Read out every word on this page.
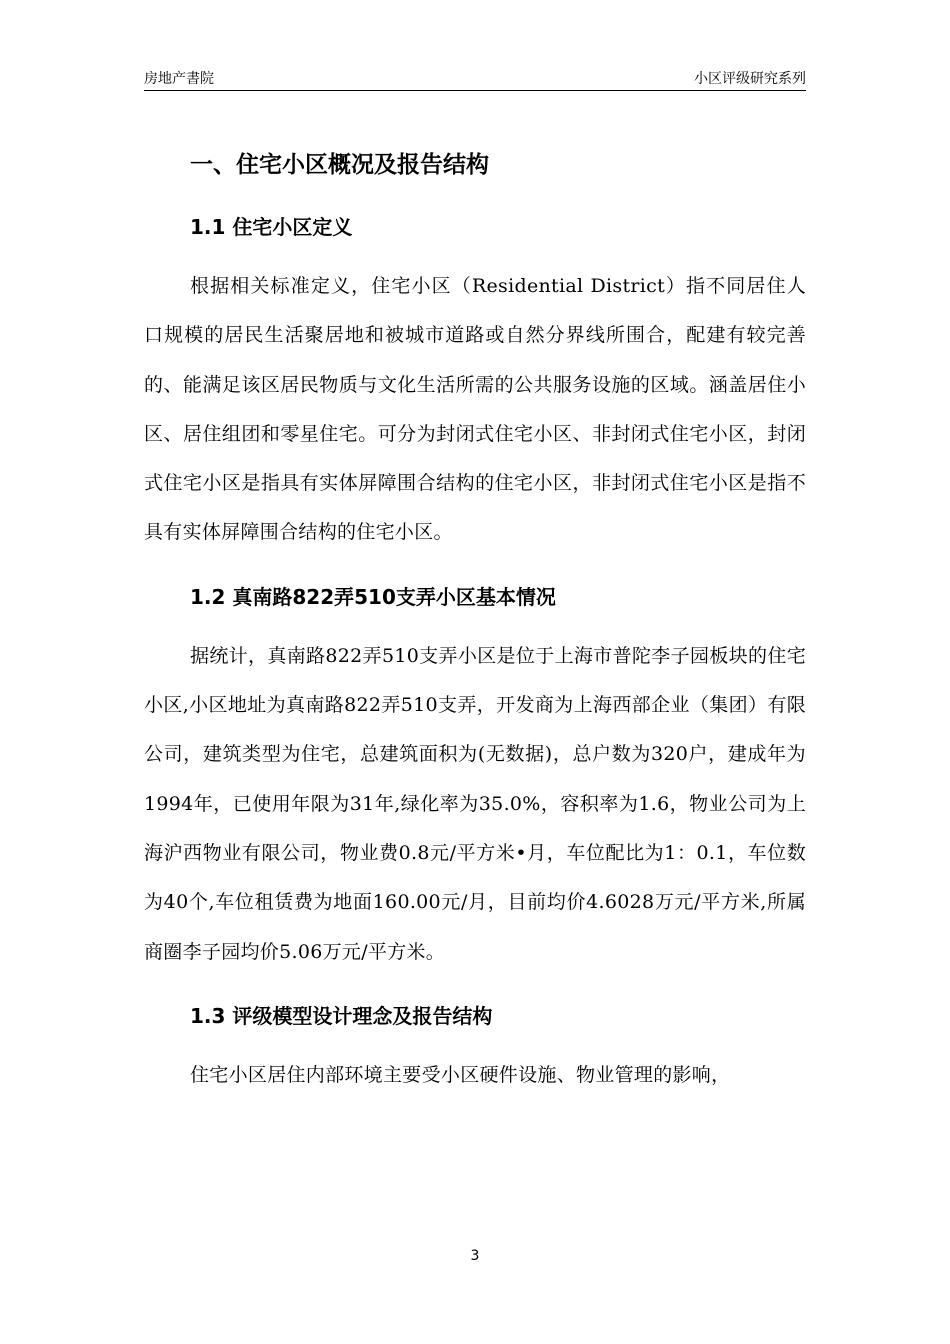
房地产書院	小区评级研究系列
一、住宅小区概况及报告结构
1.1 住宅小区定义

根据相关标准定义，住宅小区（Residential District）指不同居住人口规模的居民生活聚居地和被城市道路或自然分界线所围合，配建有较完善的、能满足该区居民物质与文化生活所需的公共服务设施的区域。涵盖居住小区、居住组团和零星住宅。可分为封闭式住宅小区、非封闭式住宅小区，封闭式住宅小区是指具有实体屏障围合结构的住宅小区，非封闭式住宅小区是指不具有实体屏障围合结构的住宅小区。

1.2 真南路822弄510支弄小区基本情况

据统计，真南路822弄510支弄小区是位于上海市普陀李子园板块的住宅小区,小区地址为真南路822弄510支弄，开发商为上海西部企业（集团）有限公司，建筑类型为住宅，总建筑面积为(无数据)，总户数为320户，建成年为1994年，已使用年限为31年,绿化率为35.0%，容积率为1.6，物业公司为上海沪西物业有限公司，物业费0.8元/平方米•月，车位配比为1：0.1，车位数为40个,车位租赁费为地面160.00元/月，目前均价4.6028万元/平方米,所属商圈李子园均价5.06万元/平方米。

1.3 评级模型设计理念及报告结构

住宅小区居住内部环境主要受小区硬件设施、物业管理的影响，

3
